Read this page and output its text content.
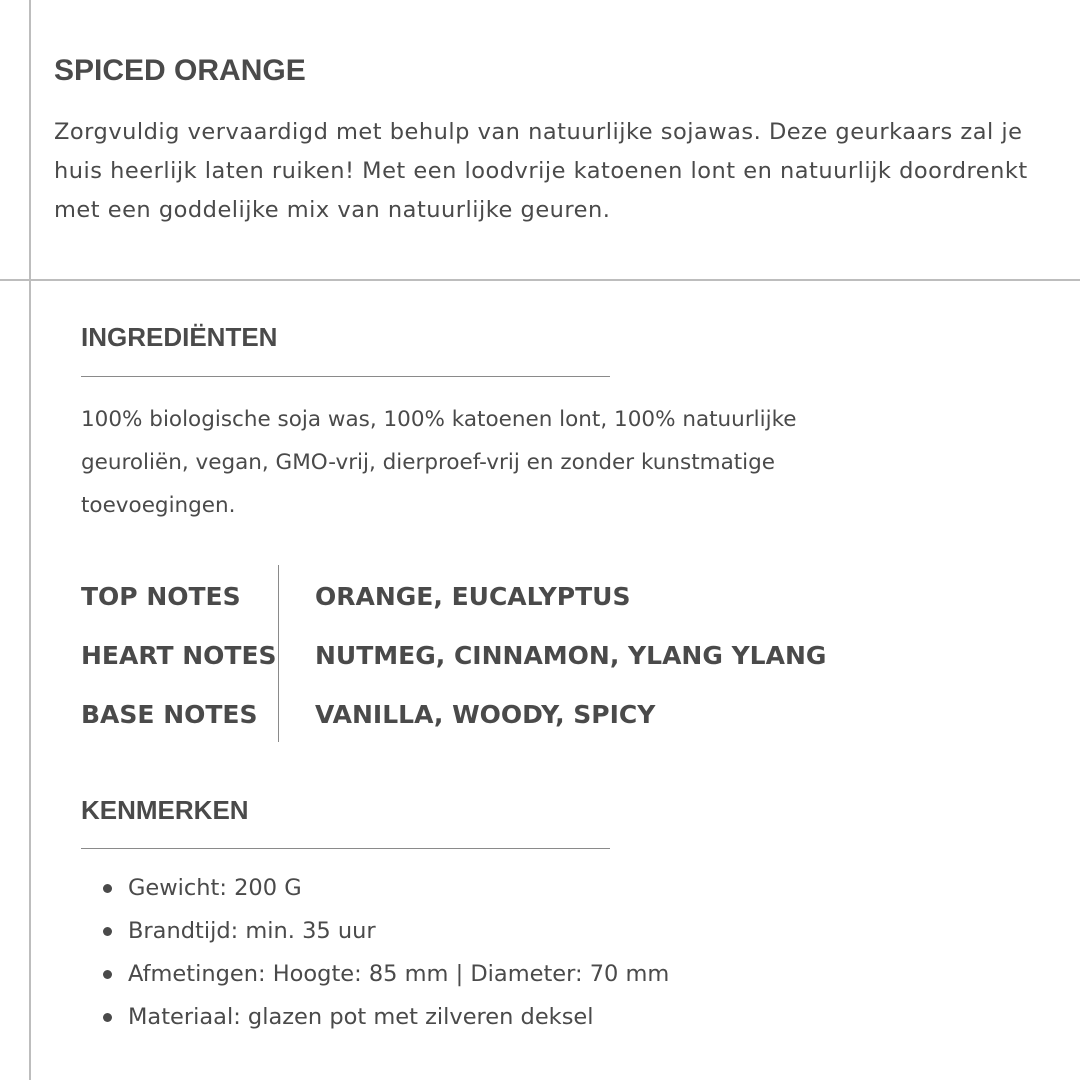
SPICED ORANGE

Zorgvuldig vervaardigd met behulp van natuurlijke sojawas. Deze geurkaars zal je huis heerlijk laten ruiken! Met een loodvrije katoenen lont en natuurlijk doordrenkt met een goddelijke mix van natuurlijke geuren.

INGREDIËNTEN

100% biologische soja was, 100% katoenen lont, 100% natuurlijke geuroliën, vegan, GMO-vrij, dierproef-vrij en zonder kunstmatige toevoegingen.

TOP NOTES	ORANGE, EUCALYPTUS
HEART NOTES NUTMEG, CINNAMON, YLANG YLANG
BASE NOTES VANILLA, WOODY, SPICY
KENMERKEN
Gewicht: 200 G
Brandtijd: min. 35 uur
Afmetingen: Hoogte: 85 mm | Diameter: 70 mm
Materiaal: glazen pot met zilveren deksel
